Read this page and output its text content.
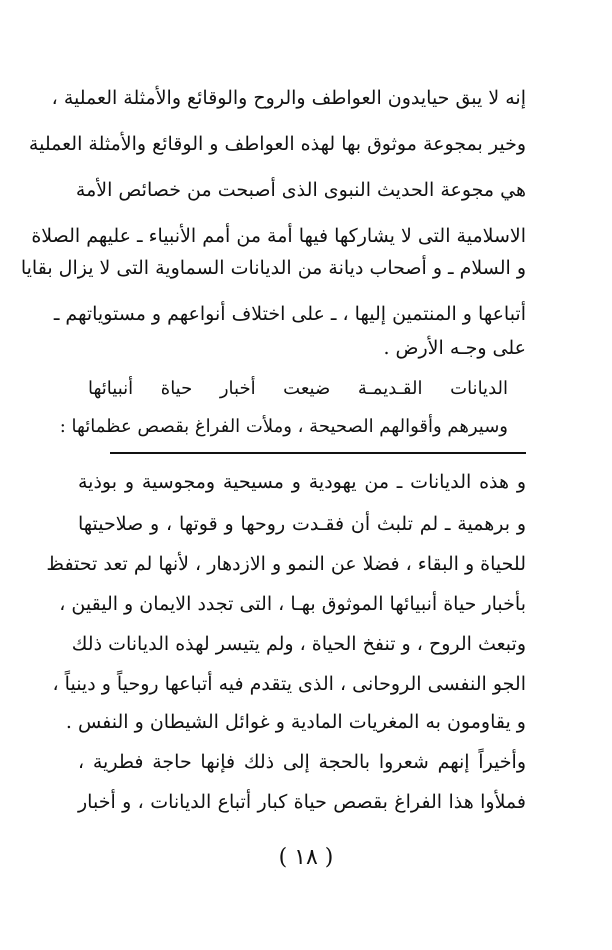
إنه لا يبق حيايدون العواطف والروح والوقائع والأمثلة العملية ،
وخير بمجوعة موثوق بها لهذه العواطف و الوقائع والأمثلة العملية
هي مجوعة الحديث النبوى الذى أصبحت من خصائص الأمة
الاسلامية التى لا يشاركها فيها أمة من أمم الأنبياء ـ عليهم الصلاة
و السلام ـ و أصحاب ديانة من الديانات السماوية التى لا يزال بقايا
أتباعها و المنتمين إليها ، ـ على اختلاف أنواعهم و مستوياتهم ـ
على وجـه الأرض .
الديانات القـديمـة ضيعت أخبار حياة أنبيائها
وسيرهم وأقوالهم الصحيحة ، وملأت الفراغ بقصص عظمائها :
و هذه الديانات ـ من يهودية و مسيحية ومجوسية و بوذية
و برهمية ـ لم تلبث أن فقـدت روحها و قوتها ، و صلاحيتها
للحياة و البقاء ، فضلا عن النمو و الازدهار ، لأنها لم تعد تحتفظ
بأخبار حياة أنبيائها الموثوق بهـا ، التى تجدد الايمان و اليقين ،
وتبعث الروح ، و تنفخ الحياة ، ولم يتيسر لهذه الديانات ذلك
الجو النفسى الروحانى ، الذى يتقدم فيه أتباعها روحياً و دينياً ،
و يقاومون به المغريات المادية و غوائل الشيطان و النفس .
وأخيراً إنهم شعروا بالحجة إلى ذلك فإنها حاجة فطرية ،
فملأوا هذا الفراغ بقصص حياة كبار أتباع الديانات ، و أخبار
( ١٨ )
